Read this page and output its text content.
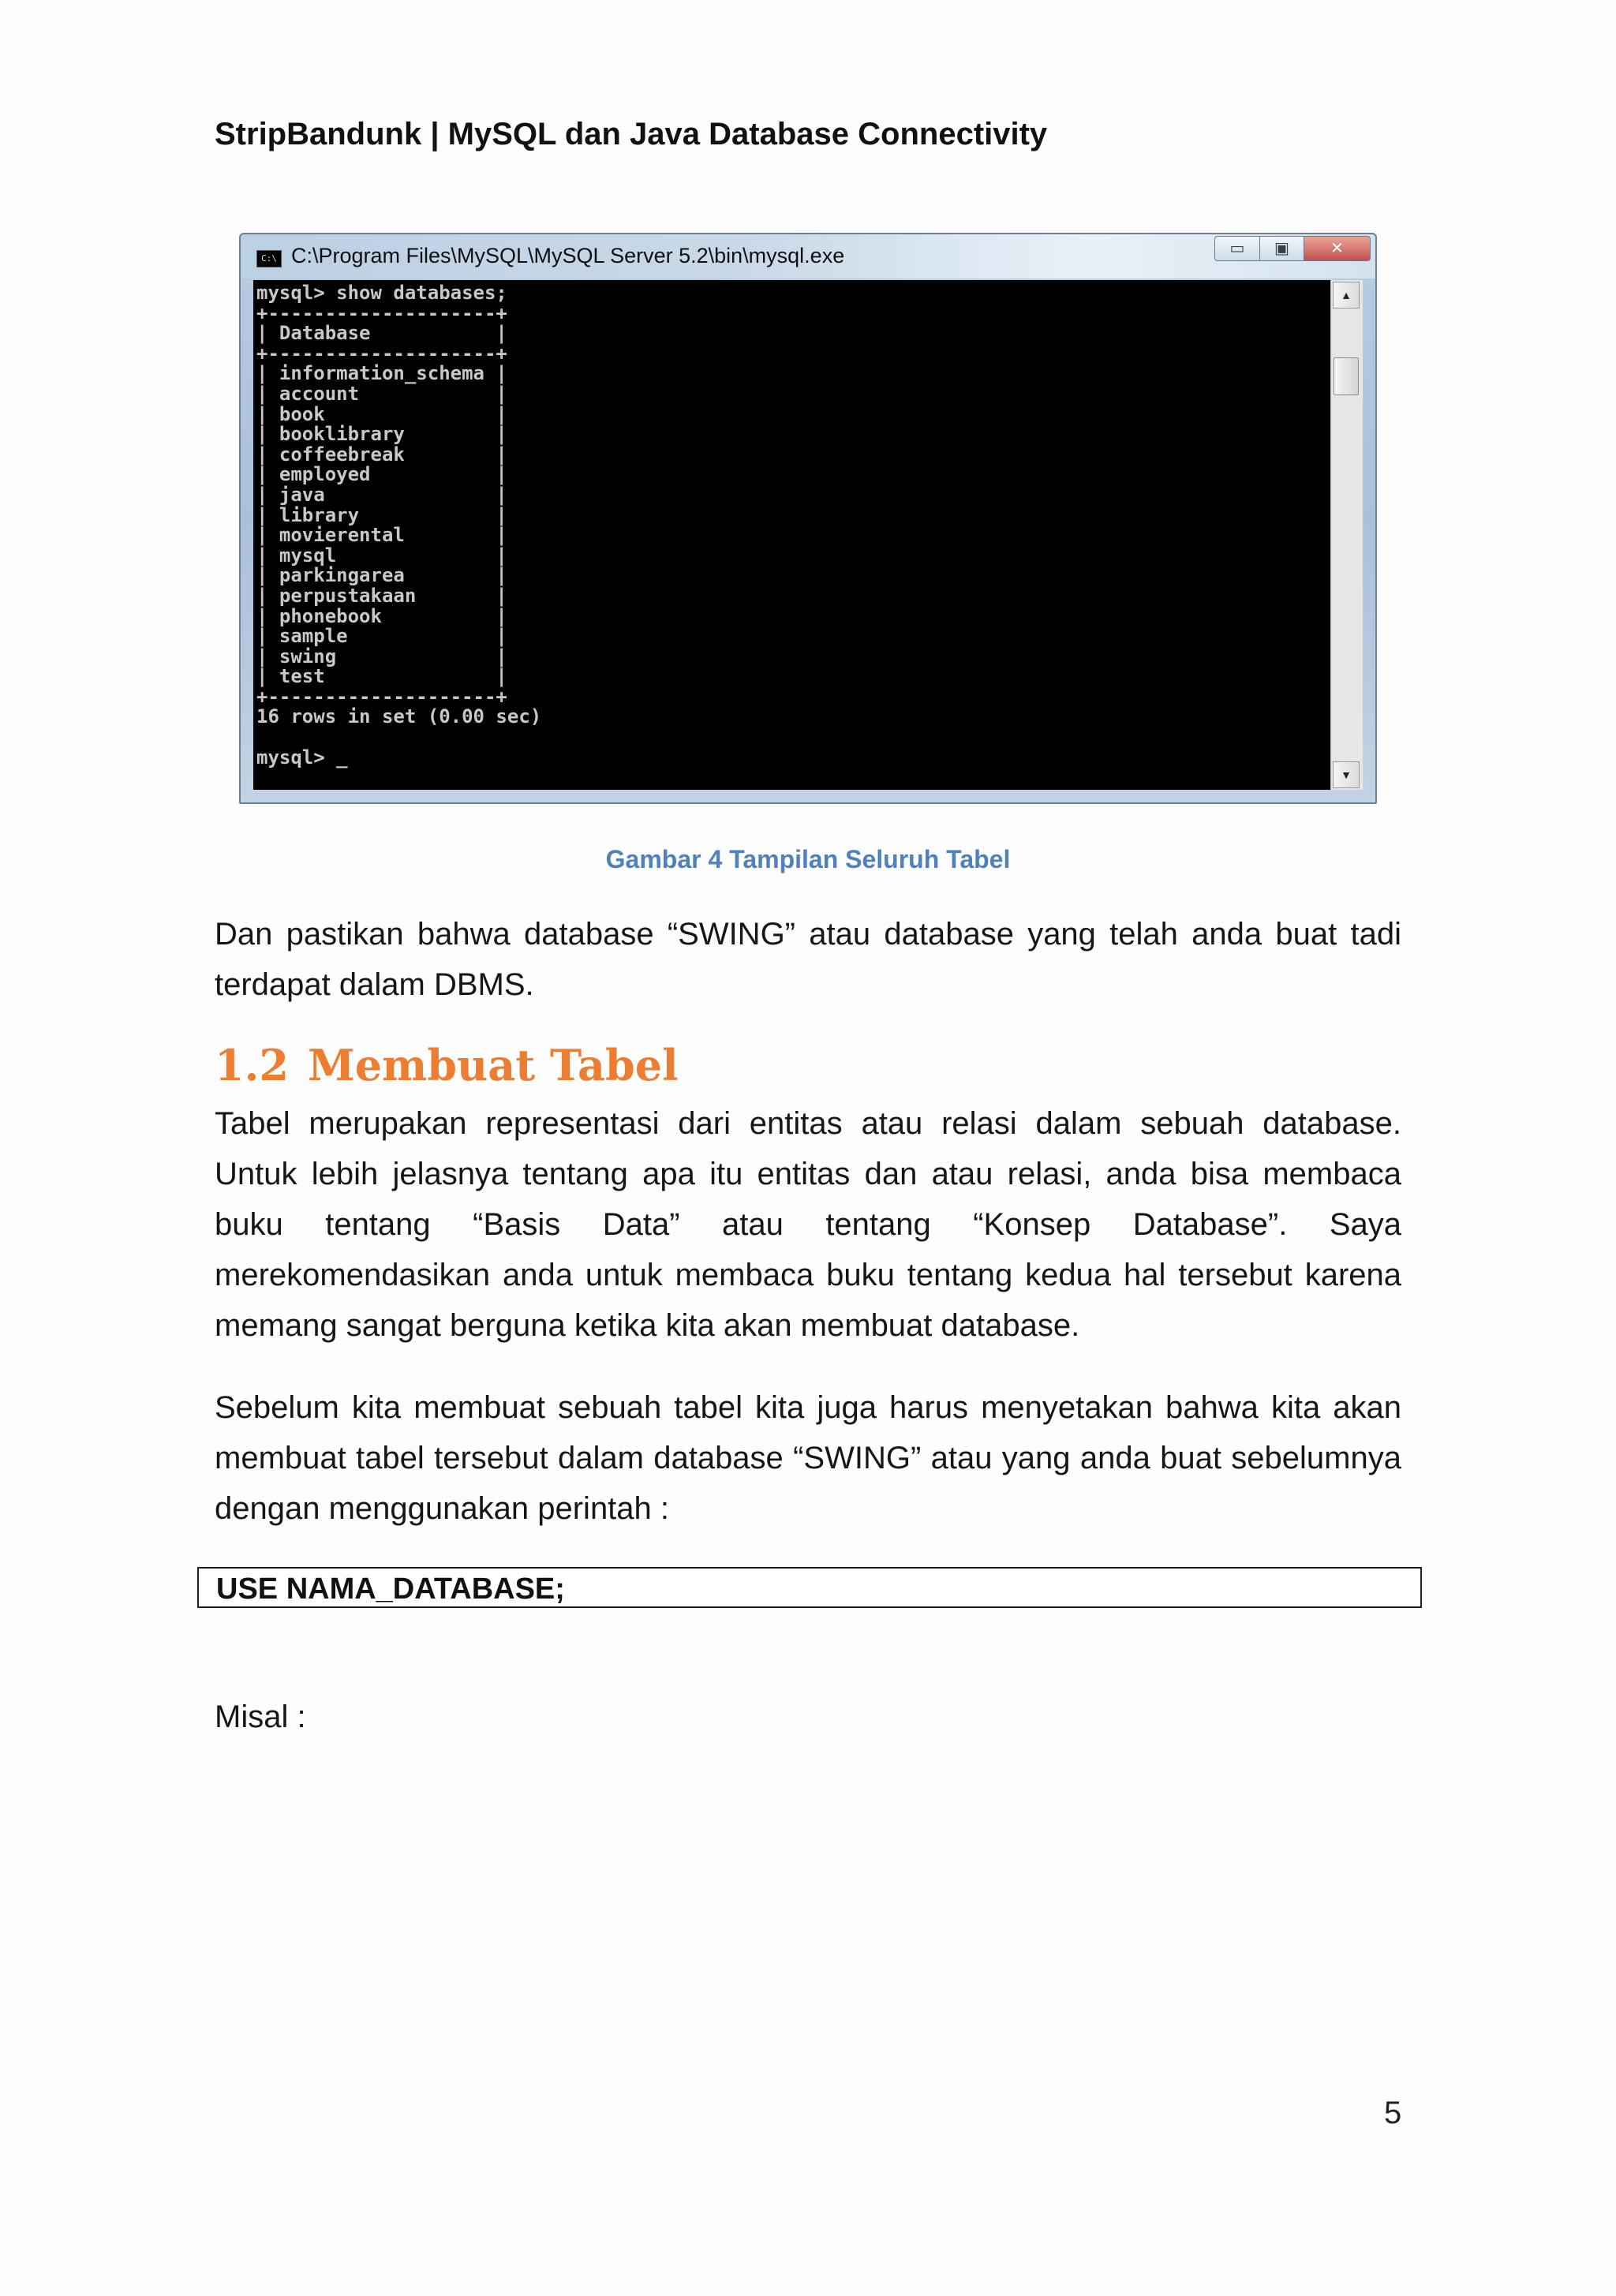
StripBandunk | MySQL dan Java Database Connectivity
C:\ C:\Program Files\MySQL\MySQL Server 5.2\bin\mysql.exe	▭	▣	✕
mysql> show databases;
+--------------------+
| Database           |
+--------------------+
| information_schema |
| account            |
| book               |
| booklibrary        |
| coffeebreak        |
| employed           |
| java               |
| library            |
| movierental        |
| mysql              |
| parkingarea        |
| perpustakaan       |
| phonebook          |
| sample             |
| swing              |
| test               |
+--------------------+
16 rows in set (0.00 sec)

mysql> _
▲
▼
Gambar 4 Tampilan Seluruh Tabel
Dan pastikan bahwa database “SWING” atau database yang telah anda buat tadi terdapat dalam DBMS.
1.2 Membuat Tabel
Tabel merupakan representasi dari entitas atau relasi dalam sebuah database. Untuk lebih jelasnya tentang apa itu entitas dan atau relasi, anda bisa membaca buku tentang “Basis Data” atau tentang “Konsep Database”. Saya merekomendasikan anda untuk membaca buku tentang kedua hal tersebut karena memang sangat berguna ketika kita akan membuat database.
Sebelum kita membuat sebuah tabel kita juga harus menyetakan bahwa kita akan membuat tabel tersebut dalam database “SWING” atau yang anda buat sebelumnya dengan menggunakan perintah :
USE NAMA_DATABASE;
Misal :
5
